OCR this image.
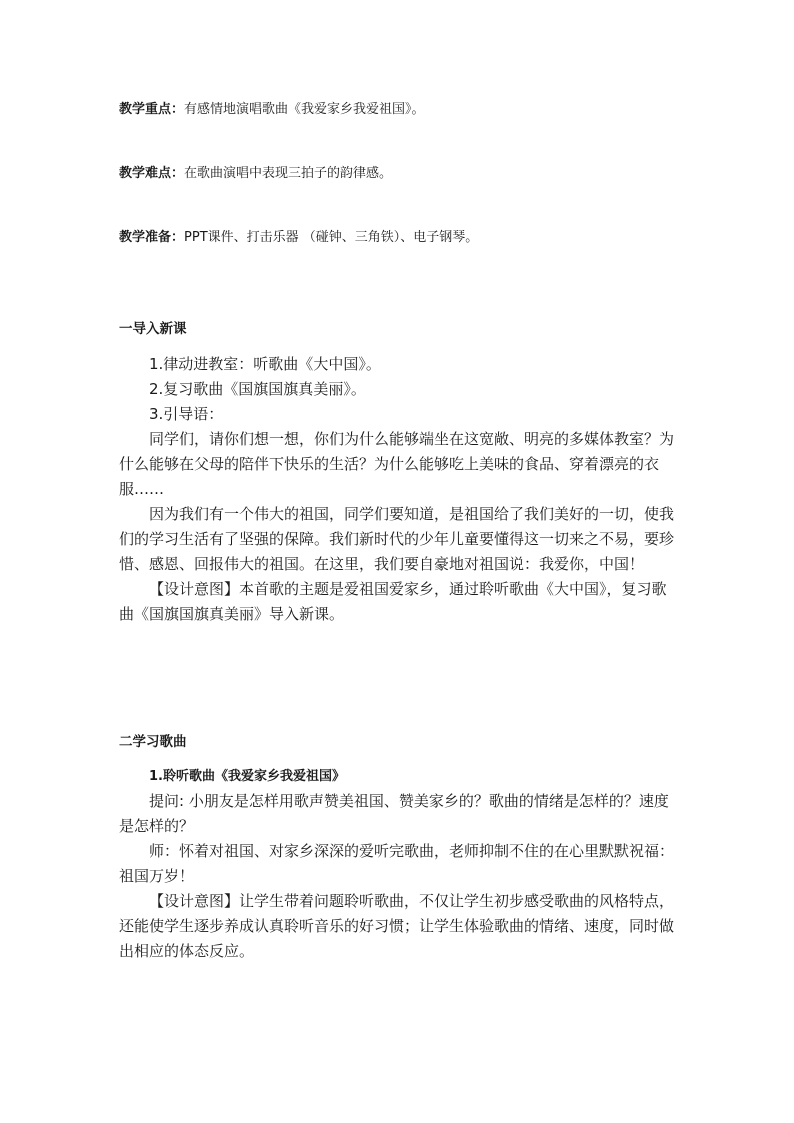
教学重点：有感情地演唱歌曲《我爱家乡我爱祖国》。
教学难点：在歌曲演唱中表现三拍子的韵律感。
教学准备：PPT课件、打击乐器 （碰钟、三角铁）、电子钢琴。
一导入新课

1.律动进教室：听歌曲《大中国》。

2.复习歌曲《国旗国旗真美丽》。

3.引导语：

同学们，请你们想一想，你们为什么能够端坐在这宽敞、明亮的多媒体教室？为什么能够在父母的陪伴下快乐的生活？为什么能够吃上美味的食品、穿着漂亮的衣服……

因为我们有一个伟大的祖国，同学们要知道，是祖国给了我们美好的一切，使我们的学习生活有了坚强的保障。我们新时代的少年儿童要懂得这一切来之不易，要珍惜、感恩、回报伟大的祖国。在这里，我们要自豪地对祖国说：我爱你，中国！

【设计意图】本首歌的主题是爱祖国爱家乡，通过聆听歌曲《大中国》，复习歌曲《国旗国旗真美丽》导入新课。

二学习歌曲

1.聆听歌曲《我爱家乡我爱祖国》

提问: 小朋友是怎样用歌声赞美祖国、赞美家乡的？歌曲的情绪是怎样的？速度是怎样的？

师：怀着对祖国、对家乡深深的爱听完歌曲，老师抑制不住的在心里默默祝福：祖国万岁！

【设计意图】让学生带着问题聆听歌曲，不仅让学生初步感受歌曲的风格特点，还能使学生逐步养成认真聆听音乐的好习惯；让学生体验歌曲的情绪、速度，同时做出相应的体态反应。
